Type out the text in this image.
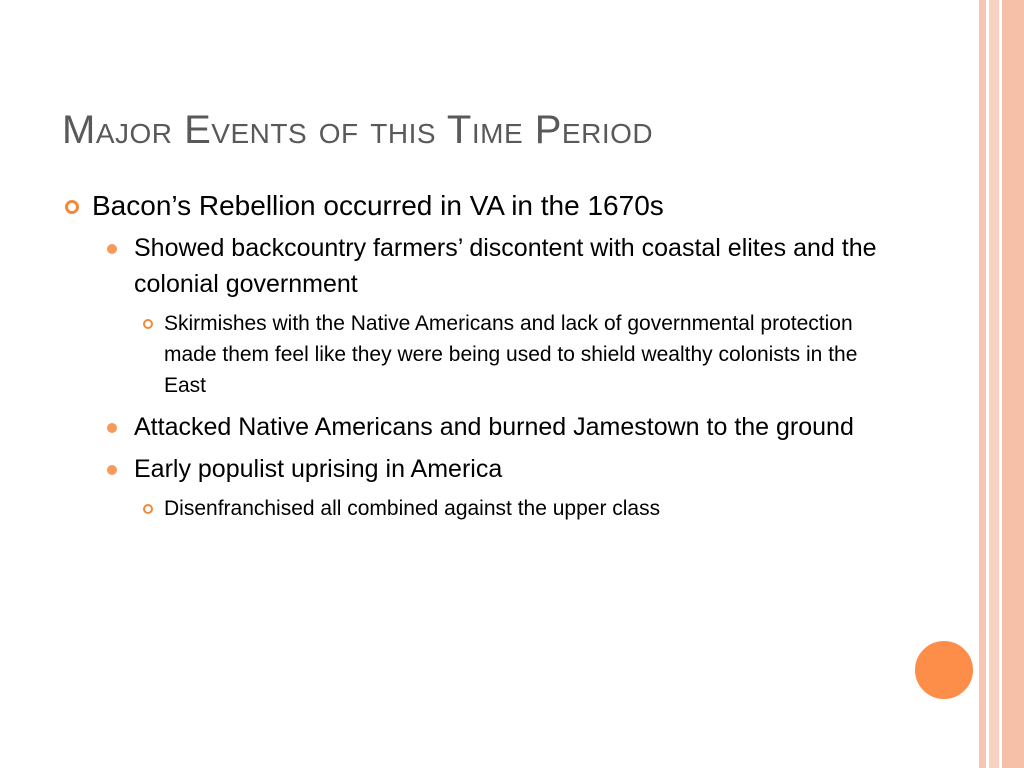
Major Events of this Time Period
Bacon’s Rebellion occurred in VA in the 1670s
Showed backcountry farmers’ discontent with coastal elites and the colonial government
Skirmishes with the Native Americans and lack of governmental protection made them feel like they were being used to shield wealthy colonists in the East
Attacked Native Americans and burned Jamestown to the ground
Early populist uprising in America
Disenfranchised all combined against the upper class
